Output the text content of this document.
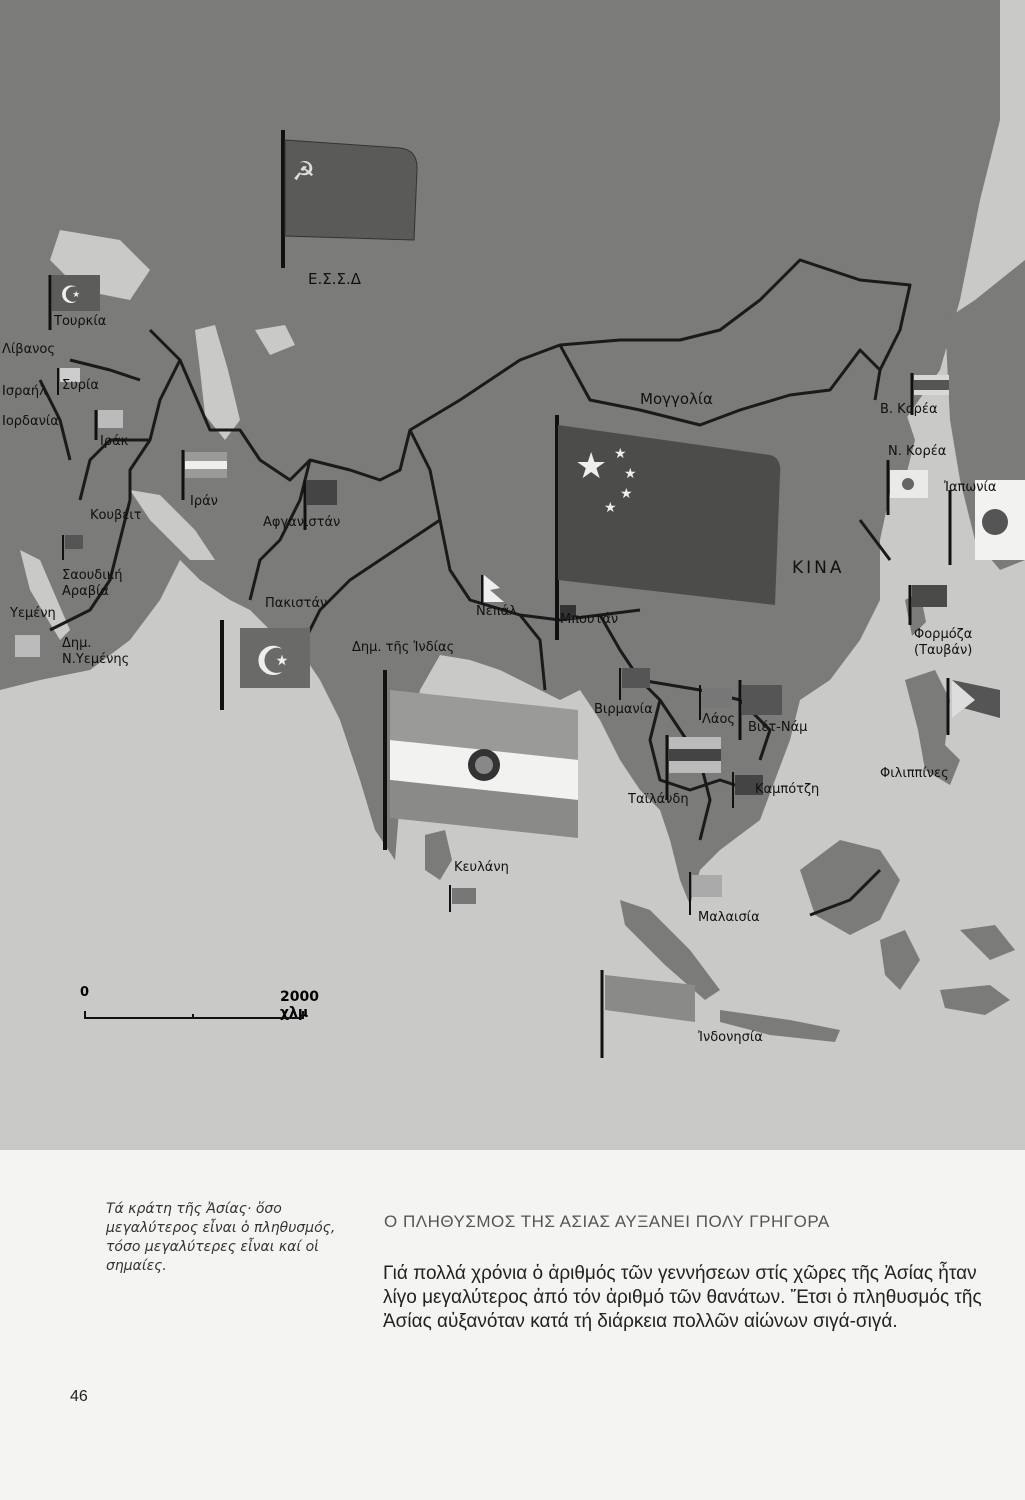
☭
☪
☪
★ ★
★
★
★
Ε.Σ.Σ.Δ
Τουρκία
Λίβανος
Συρία
Ισραήλ
Ιορδανία
Ιράκ
Ιράν
Κουβέιτ
Σαουδική Αραβία
Υεμένη
Δημ. Ν.Υεμένης
Αφγανιστάν
Πακιστάν
Δημ. τῆς Ἰνδίας
Νεπάλ
Μπουτάν
Μογγολία
ΚΙΝΑ
Β. Κορέα
Ν. Κορέα
Ἰαπωνία
Φορμόζα (Ταυβάν)
Φιλιππίνες
Βιρμανία
Λάος
Βιέτ-Νάμ
Ταϊλάνδη
Καμπότζη
Κευλάνη
Μαλαισία
Ἰνδονησία
0	2000 χλμ
Τά κράτη τῆς Ἀσίας· ὅσο μεγαλύτερος εἶναι ὁ πληθυσμός, τόσο μεγαλύτερες εἶναι καί οἱ σημαίες.
Ο ΠΛΗΘΥΣΜΟΣ ΤΗΣ ΑΣΙΑΣ ΑΥΞΑΝΕΙ ΠΟΛΥ ΓΡΗΓΟΡΑ
Γιά πολλά χρόνια ὁ ἀριθμός τῶν γεννήσεων στίς χῶρες τῆς Ἀσίας ἦταν λίγο μεγαλύτερος ἀπό τόν ἀριθμό τῶν θανάτων. Ἔτσι ὁ πληθυσμός τῆς Ἀσίας αὐξανόταν κατά τή διάρκεια πολλῶν αἰώνων σιγά-σιγά.
46
